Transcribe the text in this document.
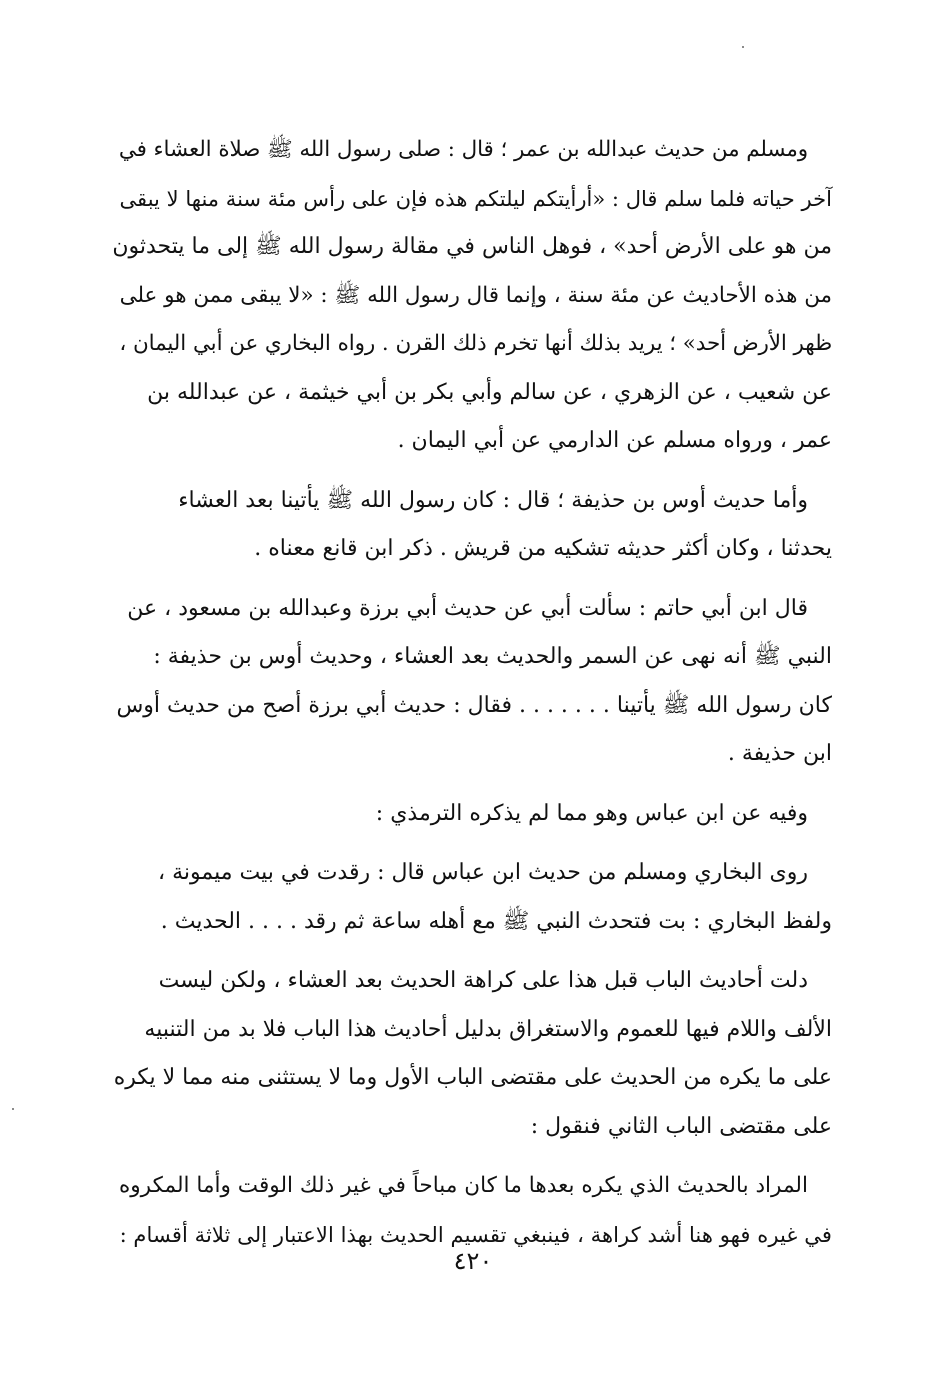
ومسلم من حديث عبدالله بن عمر ؛ قال : صلى رسول الله ﷺ صلاة العشاء في
آخر حياته فلما سلم قال : «أرأيتكم ليلتكم هذه فإن على رأس مئة سنة منها لا يبقى
من هو على الأرض أحد» ، فوهل الناس في مقالة رسول الله ﷺ إلى ما يتحدثون
من هذه الأحاديث عن مئة سنة ، وإنما قال رسول الله ﷺ : «لا يبقى ممن هو على
ظهر الأرض أحد» ؛ يريد بذلك أنها تخرم ذلك القرن . رواه البخاري عن أبي اليمان ،
عن شعيب ، عن الزهري ، عن سالم وأبي بكر بن أبي خيثمة ، عن عبدالله بن
عمر ، ورواه مسلم عن الدارمي عن أبي اليمان .

وأما حديث أوس بن حذيفة ؛ قال : كان رسول الله ﷺ يأتينا بعد العشاء
يحدثنا ، وكان أكثر حديثه تشكيه من قريش . ذكر ابن قانع معناه .

قال ابن أبي حاتم : سألت أبي عن حديث أبي برزة وعبدالله بن مسعود ، عن
النبي ﷺ أنه نهى عن السمر والحديث بعد العشاء ، وحديث أوس بن حذيفة :
كان رسول الله ﷺ يأتينا . . . . . . . فقال : حديث أبي برزة أصح من حديث أوس
ابن حذيفة .

وفيه عن ابن عباس وهو مما لم يذكره الترمذي :

روى البخاري ومسلم من حديث ابن عباس قال : رقدت في بيت ميمونة ،
ولفظ البخاري : بت فتحدث النبي ﷺ مع أهله ساعة ثم رقد . . . . الحديث .

دلت أحاديث الباب قبل هذا على كراهة الحديث بعد العشاء ، ولكن ليست
الألف واللام فيها للعموم والاستغراق بدليل أحاديث هذا الباب فلا بد من التنبيه
على ما يكره من الحديث على مقتضى الباب الأول وما لا يستثنى منه مما لا يكره
على مقتضى الباب الثاني فنقول :

المراد بالحديث الذي يكره بعدها ما كان مباحاً في غير ذلك الوقت وأما المكروه
في غيره فهو هنا أشد كراهة ، فينبغي تقسيم الحديث بهذا الاعتبار إلى ثلاثة أقسام :

٤٢٠
